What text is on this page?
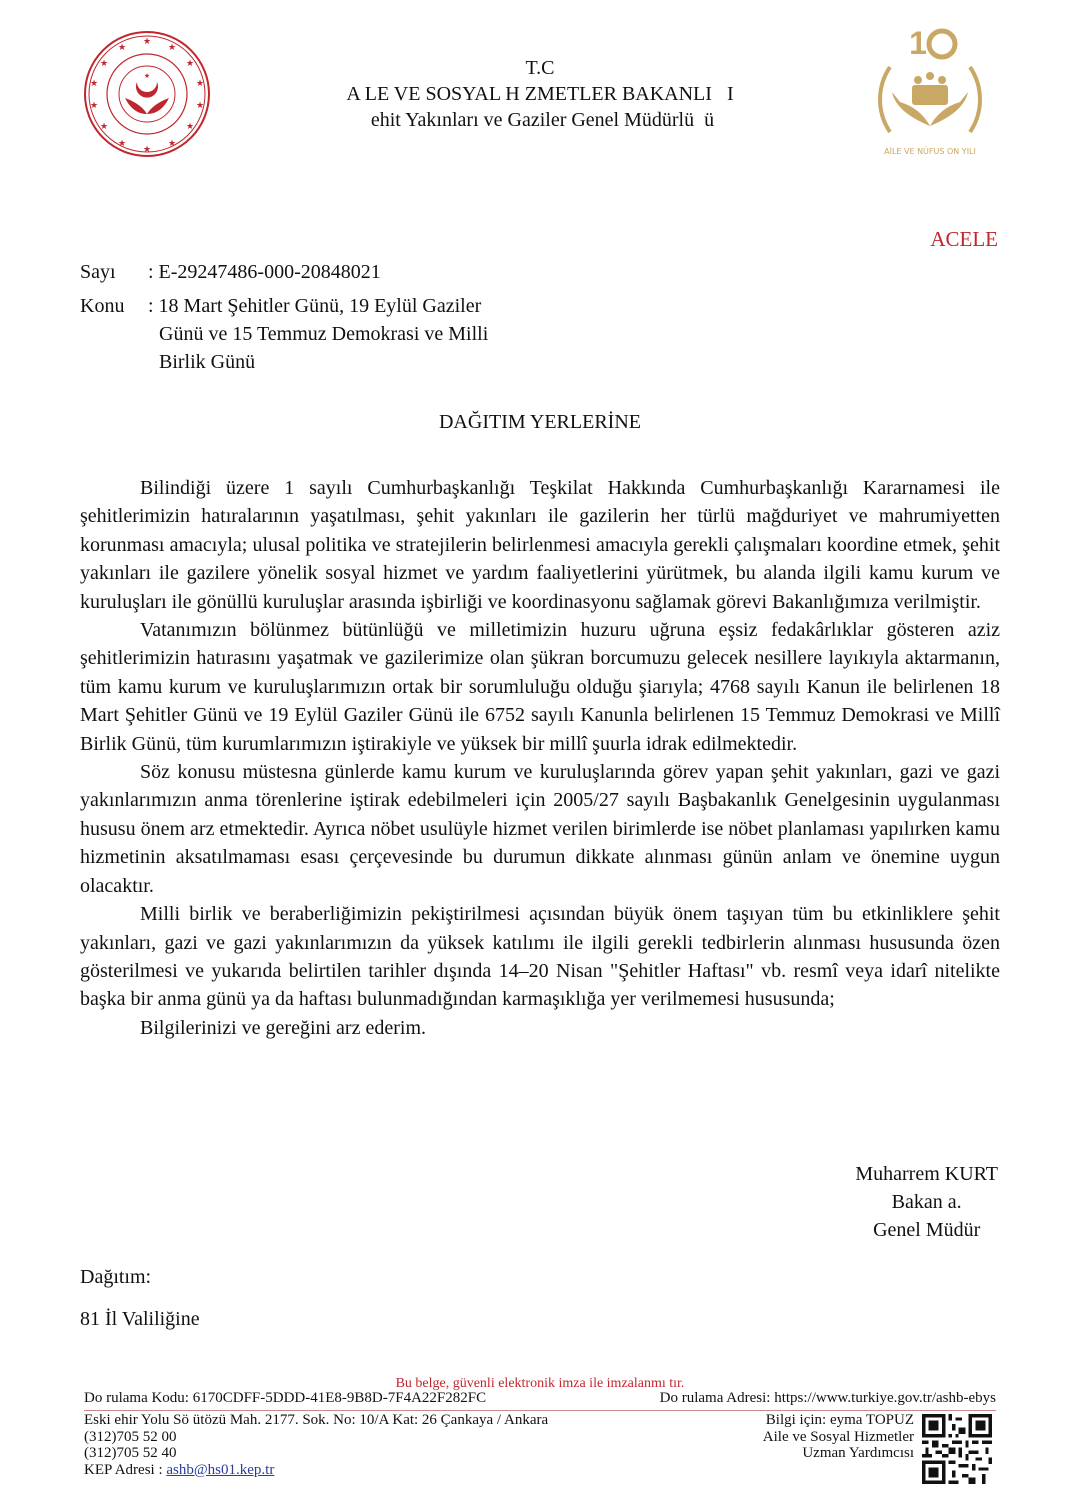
★
★	★
★	★
★	★
★	★
★	★
★	★
★
★	T.C
A LE VE SOSYAL H ZMETLER BAKANLI   I
ehit Yakınları ve Gaziler Genel Müdürlü  ü
1
AİLE VE NÜFUS ON YILI
ACELE
Sayı	: E-29247486-000-20848021
Konu	: 18 Mart Şehitler Günü, 19 Eylül Gaziler Günü ve 15 Temmuz Demokrasi ve Milli Birlik Günü
DAĞITIM YERLERİNE

Bilindiği üzere 1 sayılı Cumhurbaşkanlığı Teşkilat Hakkında Cumhurbaşkanlığı Kararnamesi ile şehitlerimizin hatıralarının yaşatılması, şehit yakınları ile gazilerin her türlü mağduriyet ve mahrumiyetten korunması amacıyla; ulusal politika ve stratejilerin belirlenmesi amacıyla gerekli çalışmaları koordine etmek, şehit yakınları ile gazilere yönelik sosyal hizmet ve yardım faaliyetlerini yürütmek, bu alanda ilgili kamu kurum ve kuruluşları ile gönüllü kuruluşlar arasında işbirliği ve koordinasyonu sağlamak görevi Bakanlığımıza verilmiştir.

Vatanımızın bölünmez bütünlüğü ve milletimizin huzuru uğruna eşsiz fedakârlıklar gösteren aziz şehitlerimizin hatırasını yaşatmak ve gazilerimize olan şükran borcumuzu gelecek nesillere layıkıyla aktarmanın, tüm kamu kurum ve kuruluşlarımızın ortak bir sorumluluğu olduğu şiarıyla; 4768 sayılı Kanun ile belirlenen 18 Mart Şehitler Günü ve 19 Eylül Gaziler Günü ile 6752 sayılı Kanunla belirlenen 15 Temmuz Demokrasi ve Millî Birlik Günü, tüm kurumlarımızın iştirakiyle ve yüksek bir millî şuurla idrak edilmektedir.

Söz konusu müstesna günlerde kamu kurum ve kuruluşlarında görev yapan şehit yakınları, gazi ve gazi yakınlarımızın anma törenlerine iştirak edebilmeleri için 2005/27 sayılı Başbakanlık Genelgesinin uygulanması hususu önem arz etmektedir. Ayrıca nöbet usulüyle hizmet verilen birimlerde ise nöbet planlaması yapılırken kamu hizmetinin aksatılmaması esası çerçevesinde bu durumun dikkate alınması günün anlam ve önemine uygun olacaktır.

Milli birlik ve beraberliğimizin pekiştirilmesi açısından büyük önem taşıyan tüm bu etkinliklere şehit yakınları, gazi ve gazi yakınlarımızın da yüksek katılımı ile ilgili gerekli tedbirlerin alınması hususunda özen gösterilmesi ve yukarıda belirtilen tarihler dışında 14–20 Nisan "Şehitler Haftası" vb. resmî veya idarî nitelikte başka bir anma günü ya da haftası bulunmadığından karmaşıklığa yer verilmemesi hususunda;

Bilgilerinizi ve gereğini arz ederim.

Muharrem KURT
Bakan a.
Genel Müdür
Dağıtım:
81 İl Valiliğine
Bu belge, güvenli elektronik imza ile imzalanmı tır.
Do rulama Kodu: 6170CDFF-5DDD-41E8-9B8D-7F4A22F282FC	Do rulama Adresi: https://www.turkiye.gov.tr/ashb-ebys
Eski ehir Yolu Sö ütözü Mah. 2177. Sok. No: 10/A Kat: 26 Çankaya / Ankara
(312)705 52 00
(312)705 52 40
KEP Adresi : ashb@hs01.kep.tr
Bilgi için: eyma TOPUZ
Aile ve Sosyal Hizmetler
Uzman Yardımcısı
